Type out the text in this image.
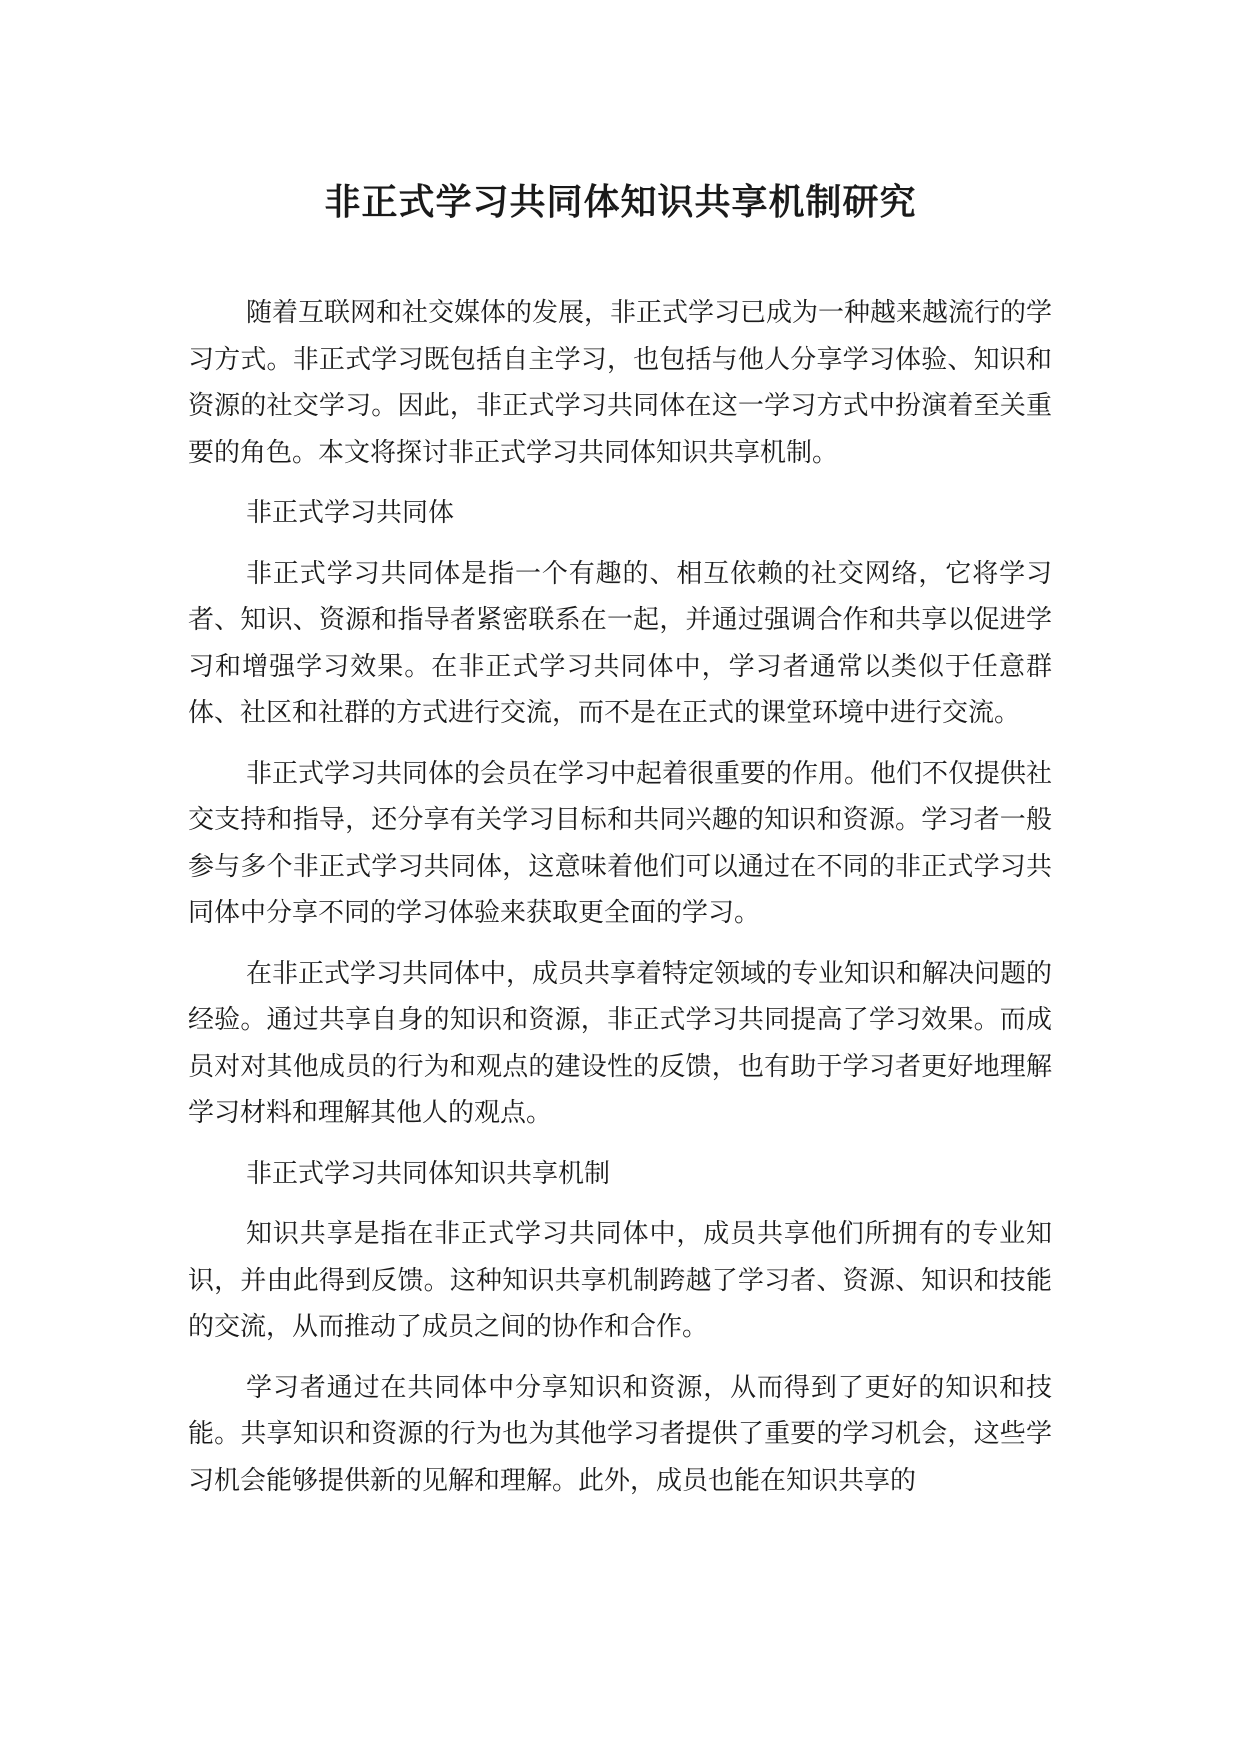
非正式学习共同体知识共享机制研究

随着互联网和社交媒体的发展，非正式学习已成为一种越来越流行的学习方式。非正式学习既包括自主学习，也包括与他人分享学习体验、知识和资源的社交学习。因此，非正式学习共同体在这一学习方式中扮演着至关重要的角色。本文将探讨非正式学习共同体知识共享机制。

非正式学习共同体

非正式学习共同体是指一个有趣的、相互依赖的社交网络，它将学习者、知识、资源和指导者紧密联系在一起，并通过强调合作和共享以促进学习和增强学习效果。在非正式学习共同体中，学习者通常以类似于任意群体、社区和社群的方式进行交流，而不是在正式的课堂环境中进行交流。

非正式学习共同体的会员在学习中起着很重要的作用。他们不仅提供社交支持和指导，还分享有关学习目标和共同兴趣的知识和资源。学习者一般参与多个非正式学习共同体，这意味着他们可以通过在不同的非正式学习共同体中分享不同的学习体验来获取更全面的学习。

在非正式学习共同体中，成员共享着特定领域的专业知识和解决问题的经验。通过共享自身的知识和资源，非正式学习共同提高了学习效果。而成员对对其他成员的行为和观点的建设性的反馈，也有助于学习者更好地理解学习材料和理解其他人的观点。

非正式学习共同体知识共享机制

知识共享是指在非正式学习共同体中，成员共享他们所拥有的专业知识，并由此得到反馈。这种知识共享机制跨越了学习者、资源、知识和技能的交流，从而推动了成员之间的协作和合作。

学习者通过在共同体中分享知识和资源，从而得到了更好的知识和技能。共享知识和资源的行为也为其他学习者提供了重要的学习机会，这些学习机会能够提供新的见解和理解。此外，成员也能在知识共享的
